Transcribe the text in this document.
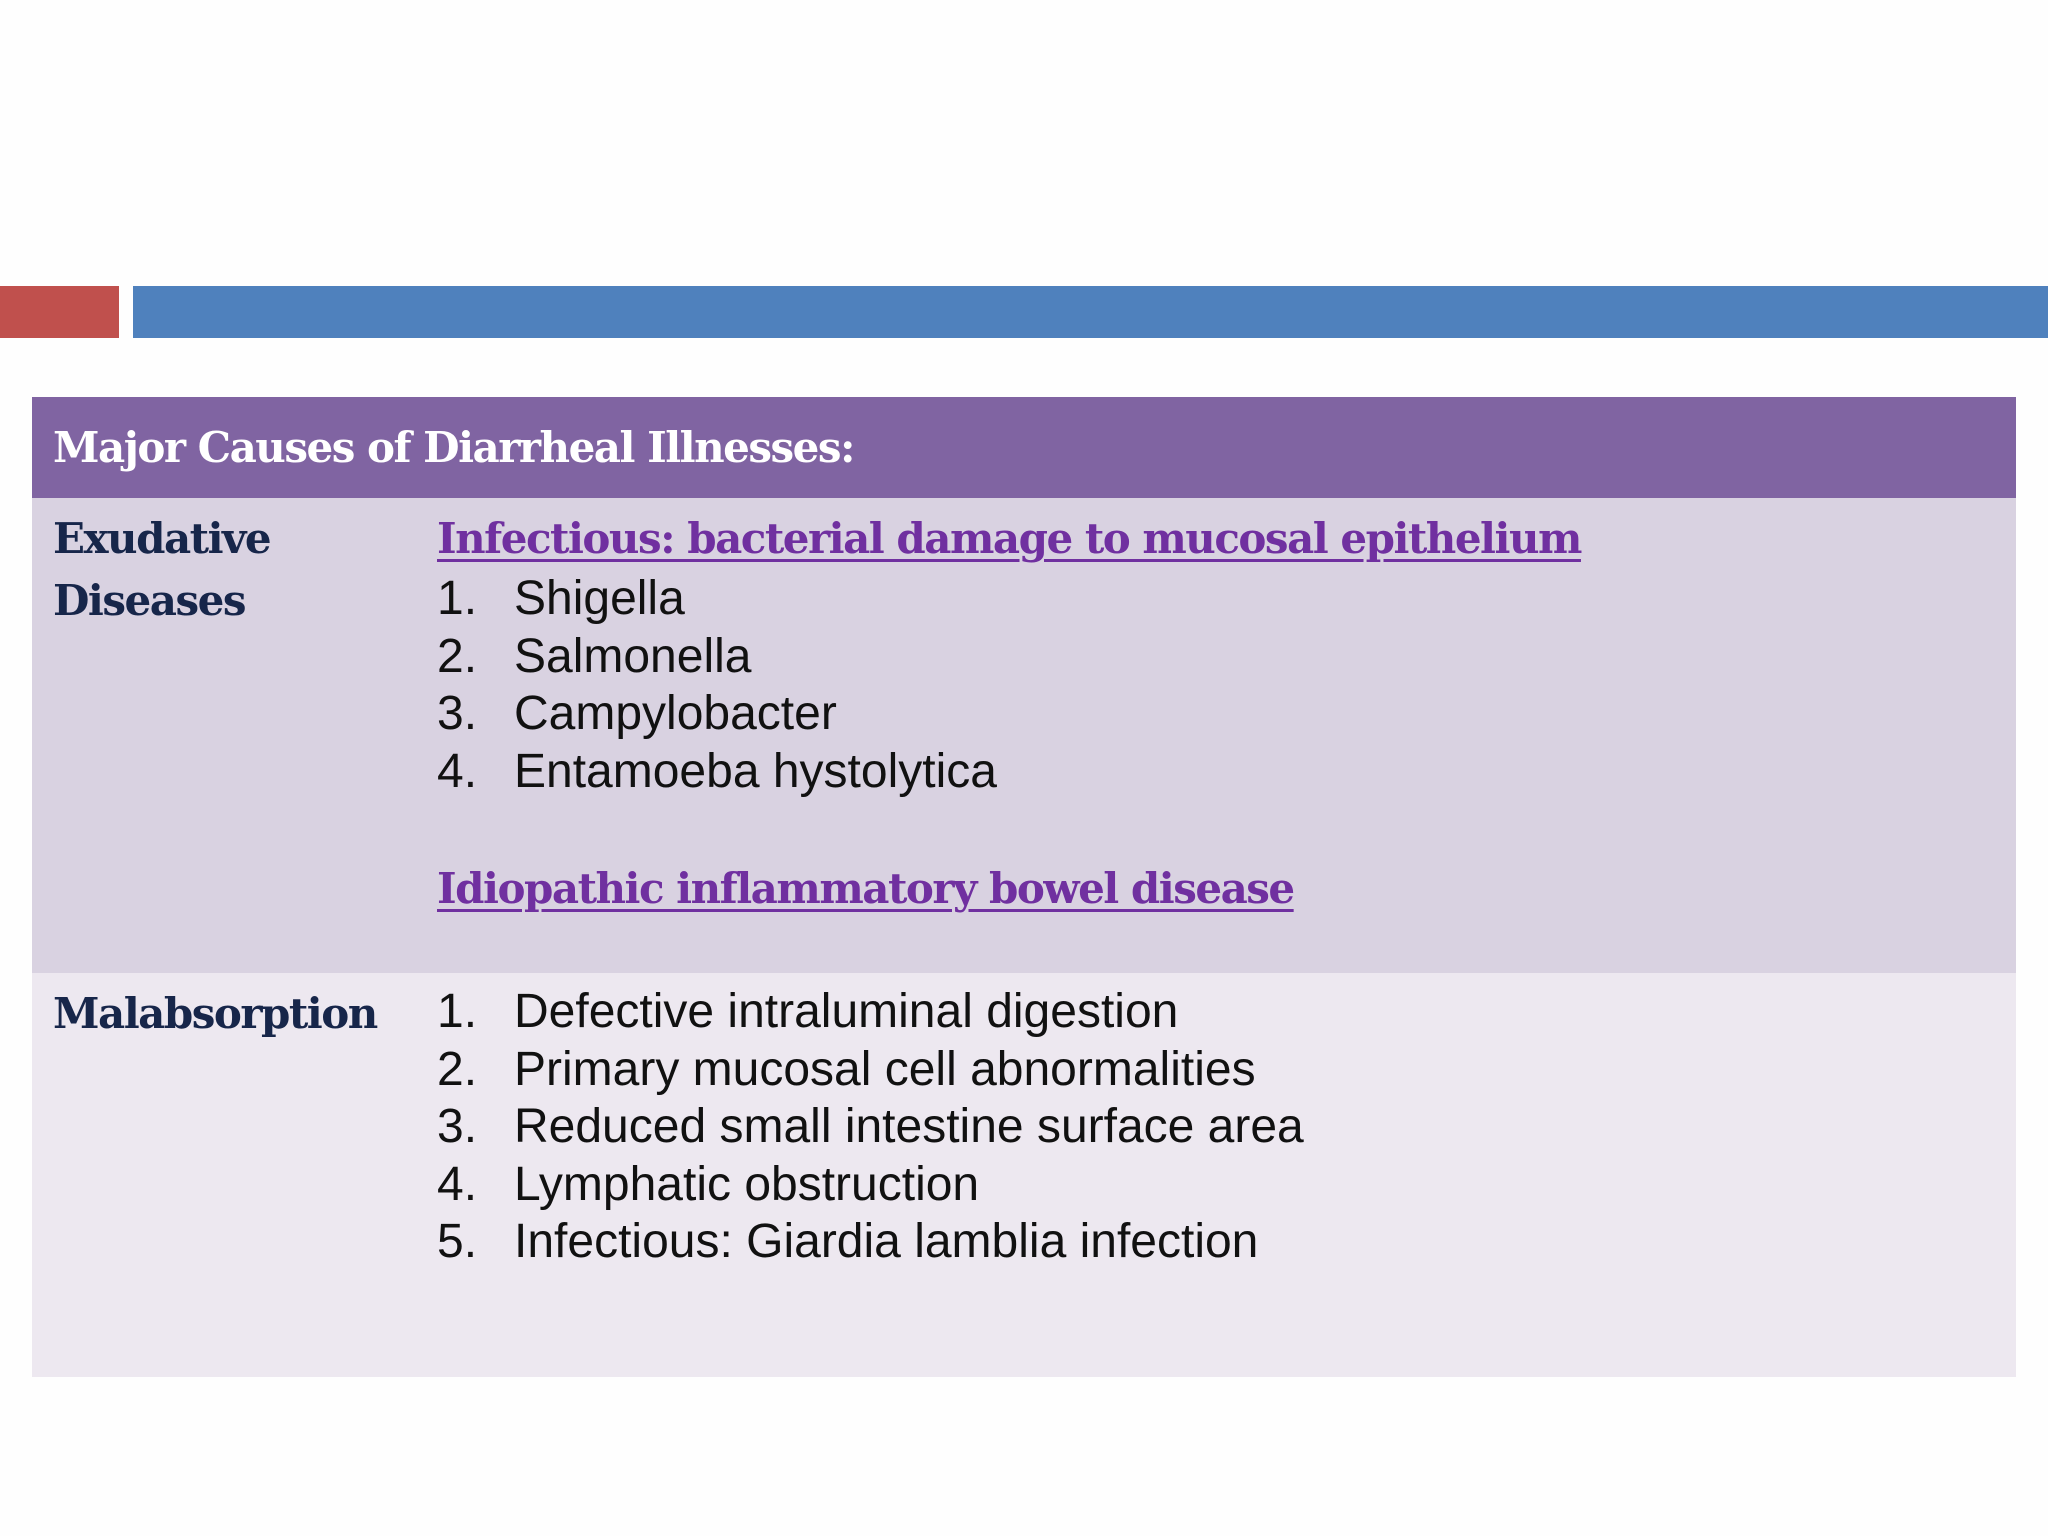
Major Causes of Diarrheal Illnesses:
Exudative Diseases
Infectious: bacterial damage to mucosal epithelium
1. Shigella
2. Salmonella
3. Campylobacter
4. Entamoeba hystolytica
Idiopathic inflammatory bowel disease
Malabsorption 1. Defective intraluminal digestion
2. Primary mucosal cell abnormalities
3. Reduced small intestine surface area
4. Lymphatic obstruction
5. Infectious: Giardia lamblia infection
